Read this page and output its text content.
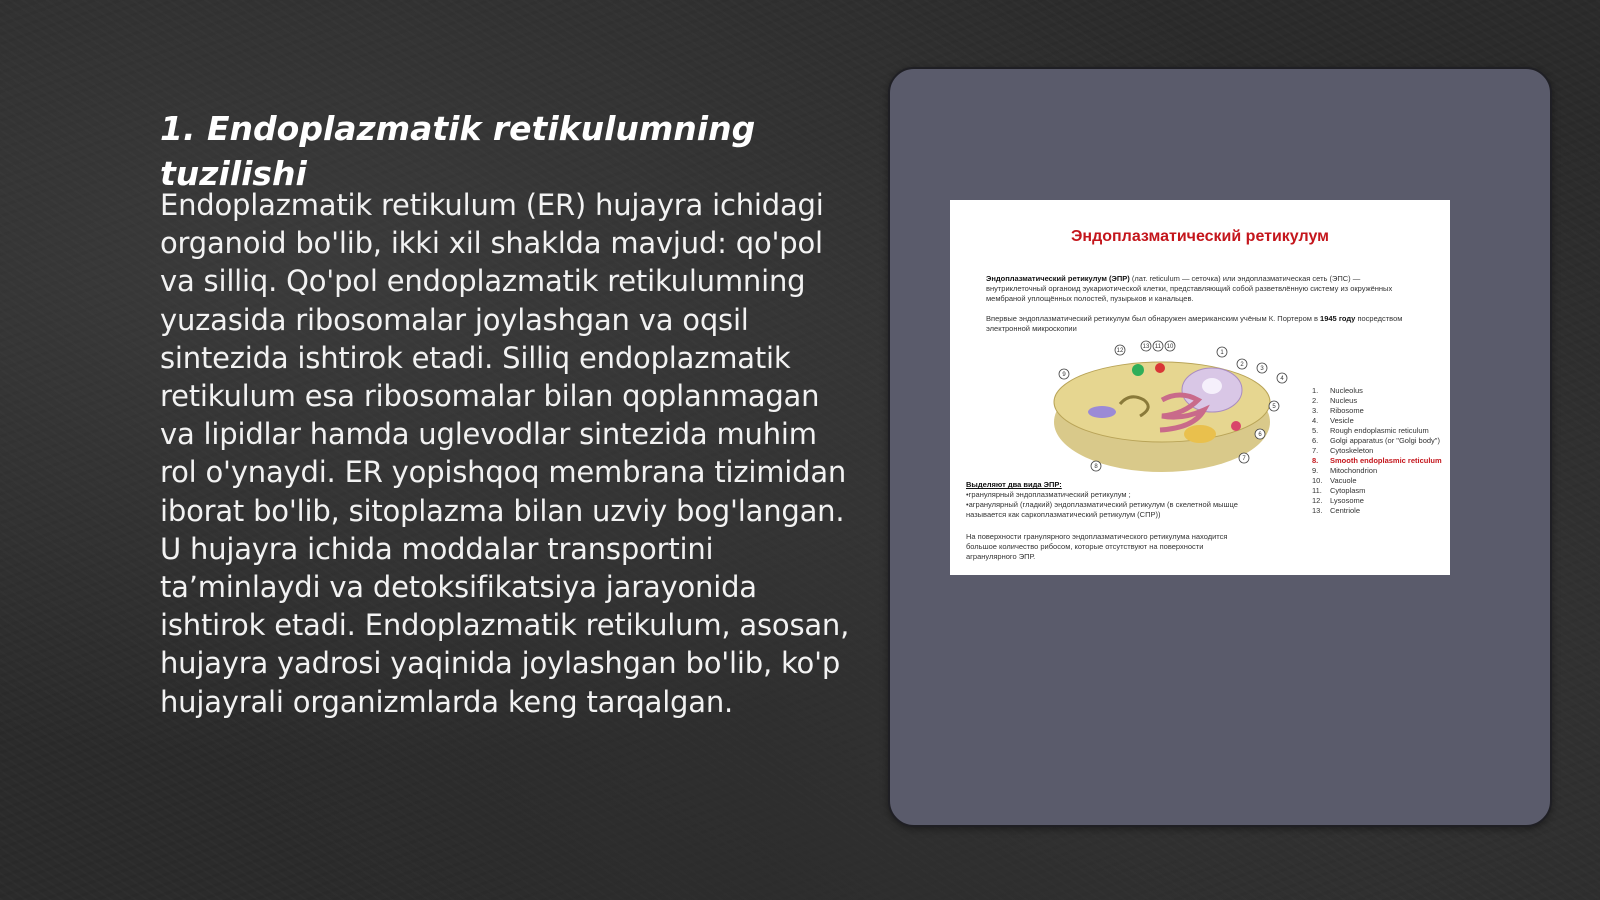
1. Endoplazmatik retikulumning tuzilishi

Endoplazmatik retikulum (ER) hujayra ichidagi organoid bo'lib, ikki xil shaklda mavjud: qo'pol va silliq. Qo'pol endoplazmatik retikulumning yuzasida ribosomalar joylashgan va oqsil sintezida ishtirok etadi. Silliq endoplazmatik retikulum esa ribosomalar bilan qoplanmagan va lipidlar hamda uglevodlar sintezida muhim rol o'ynaydi. ER yopishqoq membrana tizimidan iborat bo'lib, sitoplazma bilan uzviy bog'langan. U hujayra ichida moddalar transportini ta’minlaydi va detoksifikatsiya jarayonida ishtirok etadi. Endoplazmatik retikulum, asosan, hujayra yadrosi yaqinida joylashgan bo'lib, ko'p hujayrali organizmlarda keng tarqalgan.

Эндоплазматический ретикулум
Эндоплазматический ретикулум (ЭПР) (лат. reticulum — сеточка) или эндоплазматическая сеть (ЭПС) — внутриклеточный органоид эукариотической клетки, представляющий собой разветвлённую систему из окружённых мембраной уплощённых полостей, пузырьков и канальцев.
Впервые эндоплазматический ретикулум был обнаружен американским учёным К. Портером в 1945 году посредством электронной микроскопии
12
13 11 10
1
2
3
4
5
6
7
8
9
1.	Nucleolus
2.	Nucleus
3.	Ribosome
4.	Vesicle
5.	Rough endoplasmic reticulum
6.	Golgi apparatus (or "Golgi body")
7.	Cytoskeleton
8.	Smooth endoplasmic reticulum
9.	Mitochondrion
10.	Vacuole
11.	Cytoplasm
12.	Lysosome
13.	Centriole
Выделяют два вида ЭПР:
•гранулярный эндоплазматический ретикулум ;
•агранулярный (гладкий) эндоплазматический ретикулум (в скелетной мышце называется как саркоплазматический ретикулум (СПР))
На поверхности гранулярного эндоплазматического ретикулума находится большое количество рибосом, которые отсутствуют на поверхности агранулярного ЭПР.
